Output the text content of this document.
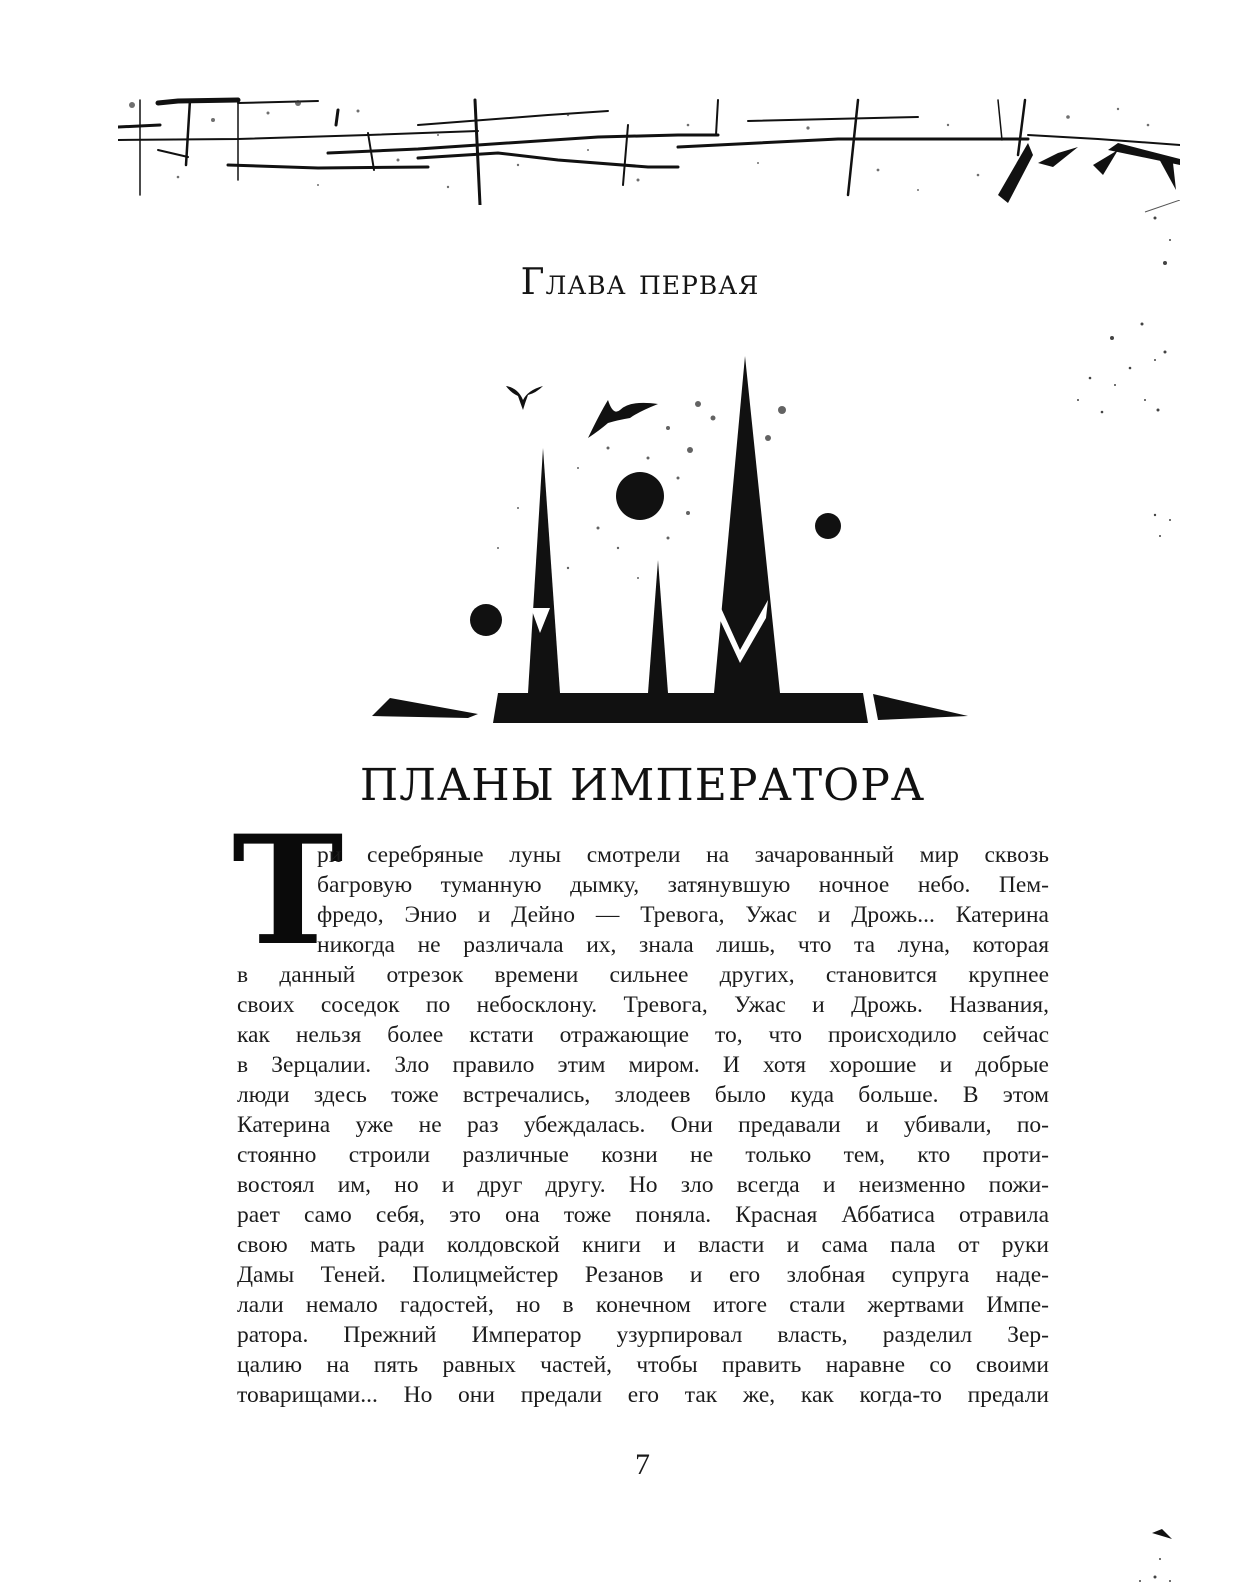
Глава первая
ПЛАНЫ ИМПЕРАТОРА
Т
ри серебряные луны смотрели на зачарованный мир сквозь
багровую туманную дымку, затянувшую ночное небо. Пем-
фредо, Энио и Дейно — Тревога, Ужас и Дрожь... Катерина
никогда не различала их, знала лишь, что та луна, которая
в данный отрезок времени сильнее других, становится крупнее
своих соседок по небосклону. Тревога, Ужас и Дрожь. Названия,
как нельзя более кстати отражающие то, что происходило сейчас
в Зерцалии. Зло правило этим миром. И хотя хорошие и добрые
люди здесь тоже встречались, злодеев было куда больше. В этом
Катерина уже не раз убеждалась. Они предавали и убивали, по-
стоянно строили различные козни не только тем, кто проти-
востоял им, но и друг другу. Но зло всегда и неизменно пожи-
рает само себя, это она тоже поняла. Красная Аббатиса отравила
свою мать ради колдовской книги и власти и сама пала от руки
Дамы Теней. Полицмейстер Резанов и его злобная супруга наде-
лали немало гадостей, но в конечном итоге стали жертвами Импе-
ратора. Прежний Император узурпировал власть, разделил Зер-
цалию на пять равных частей, чтобы править наравне со своими
товарищами... Но они предали его так же, как когда-то предали
7
